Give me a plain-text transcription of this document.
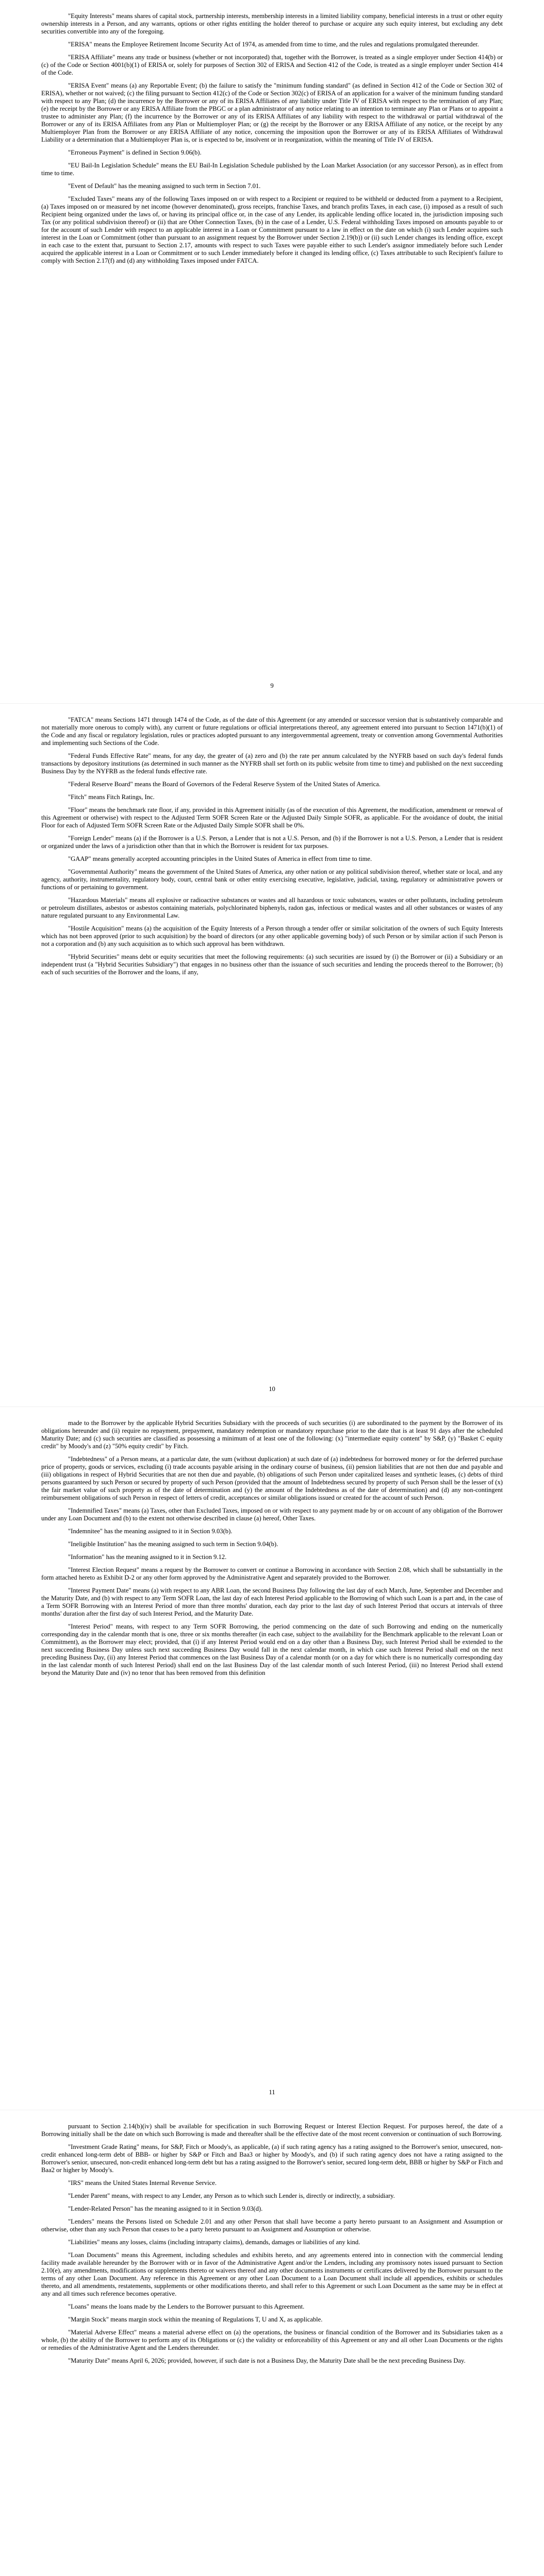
"Equity Interests" means shares of capital stock, partnership interests, membership interests in a limited liability company, beneficial interests in a trust or other equity ownership interests in a Person, and any warrants, options or other rights entitling the holder thereof to purchase or acquire any such equity interest, but excluding any debt securities convertible into any of the foregoing.

"ERISA" means the Employee Retirement Income Security Act of 1974, as amended from time to time, and the rules and regulations promulgated thereunder.

"ERISA Affiliate" means any trade or business (whether or not incorporated) that, together with the Borrower, is treated as a single employer under Section 414(b) or (c) of the Code or Section 4001(b)(1) of ERISA or, solely for purposes of Section 302 of ERISA and Section 412 of the Code, is treated as a single employer under Section 414 of the Code.

"ERISA Event" means (a) any Reportable Event; (b) the failure to satisfy the "minimum funding standard" (as defined in Section 412 of the Code or Section 302 of ERISA), whether or not waived; (c) the filing pursuant to Section 412(c) of the Code or Section 302(c) of ERISA of an application for a waiver of the minimum funding standard with respect to any Plan; (d) the incurrence by the Borrower or any of its ERISA Affiliates of any liability under Title IV of ERISA with respect to the termination of any Plan; (e) the receipt by the Borrower or any ERISA Affiliate from the PBGC or a plan administrator of any notice relating to an intention to terminate any Plan or Plans or to appoint a trustee to administer any Plan; (f) the incurrence by the Borrower or any of its ERISA Affiliates of any liability with respect to the withdrawal or partial withdrawal of the Borrower or any of its ERISA Affiliates from any Plan or Multiemployer Plan; or (g) the receipt by the Borrower or any ERISA Affiliate of any notice, or the receipt by any Multiemployer Plan from the Borrower or any ERISA Affiliate of any notice, concerning the imposition upon the Borrower or any of its ERISA Affiliates of Withdrawal Liability or a determination that a Multiemployer Plan is, or is expected to be, insolvent or in reorganization, within the meaning of Title IV of ERISA.

"Erroneous Payment" is defined in Section 9.06(b).

"EU Bail-In Legislation Schedule" means the EU Bail-In Legislation Schedule published by the Loan Market Association (or any successor Person), as in effect from time to time.

"Event of Default" has the meaning assigned to such term in Section 7.01.

"Excluded Taxes" means any of the following Taxes imposed on or with respect to a Recipient or required to be withheld or deducted from a payment to a Recipient, (a) Taxes imposed on or measured by net income (however denominated), gross receipts, franchise Taxes, and branch profits Taxes, in each case, (i) imposed as a result of such Recipient being organized under the laws of, or having its principal office or, in the case of any Lender, its applicable lending office located in, the jurisdiction imposing such Tax (or any political subdivision thereof) or (ii) that are Other Connection Taxes, (b) in the case of a Lender, U.S. Federal withholding Taxes imposed on amounts payable to or for the account of such Lender with respect to an applicable interest in a Loan or Commitment pursuant to a law in effect on the date on which (i) such Lender acquires such interest in the Loan or Commitment (other than pursuant to an assignment request by the Borrower under Section 2.19(b)) or (ii) such Lender changes its lending office, except in each case to the extent that, pursuant to Section 2.17, amounts with respect to such Taxes were payable either to such Lender's assignor immediately before such Lender acquired the applicable interest in a Loan or Commitment or to such Lender immediately before it changed its lending office, (c) Taxes attributable to such Recipient's failure to comply with Section 2.17(f) and (d) any withholding Taxes imposed under FATCA.

9

"FATCA" means Sections 1471 through 1474 of the Code, as of the date of this Agreement (or any amended or successor version that is substantively comparable and not materially more onerous to comply with), any current or future regulations or official interpretations thereof, any agreement entered into pursuant to Section 1471(b)(1) of the Code and any fiscal or regulatory legislation, rules or practices adopted pursuant to any intergovernmental agreement, treaty or convention among Governmental Authorities and implementing such Sections of the Code.

"Federal Funds Effective Rate" means, for any day, the greater of (a) zero and (b) the rate per annum calculated by the NYFRB based on such day's federal funds transactions by depository institutions (as determined in such manner as the NYFRB shall set forth on its public website from time to time) and published on the next succeeding Business Day by the NYFRB as the federal funds effective rate.

"Federal Reserve Board" means the Board of Governors of the Federal Reserve System of the United States of America.

"Fitch" means Fitch Ratings, Inc.

"Floor" means the benchmark rate floor, if any, provided in this Agreement initially (as of the execution of this Agreement, the modification, amendment or renewal of this Agreement or otherwise) with respect to the Adjusted Term SOFR Screen Rate or the Adjusted Daily Simple SOFR, as applicable. For the avoidance of doubt, the initial Floor for each of Adjusted Term SOFR Screen Rate or the Adjusted Daily Simple SOFR shall be 0%.

"Foreign Lender" means (a) if the Borrower is a U.S. Person, a Lender that is not a U.S. Person, and (b) if the Borrower is not a U.S. Person, a Lender that is resident or organized under the laws of a jurisdiction other than that in which the Borrower is resident for tax purposes.

"GAAP" means generally accepted accounting principles in the United States of America in effect from time to time.

"Governmental Authority" means the government of the United States of America, any other nation or any political subdivision thereof, whether state or local, and any agency, authority, instrumentality, regulatory body, court, central bank or other entity exercising executive, legislative, judicial, taxing, regulatory or administrative powers or functions of or pertaining to government.

"Hazardous Materials" means all explosive or radioactive substances or wastes and all hazardous or toxic substances, wastes or other pollutants, including petroleum or petroleum distillates, asbestos or asbestos containing materials, polychlorinated biphenyls, radon gas, infectious or medical wastes and all other substances or wastes of any nature regulated pursuant to any Environmental Law.

"Hostile Acquisition" means (a) the acquisition of the Equity Interests of a Person through a tender offer or similar solicitation of the owners of such Equity Interests which has not been approved (prior to such acquisition) by the board of directors (or any other applicable governing body) of such Person or by similar action if such Person is not a corporation and (b) any such acquisition as to which such approval has been withdrawn.

"Hybrid Securities" means debt or equity securities that meet the following requirements: (a) such securities are issued by (i) the Borrower or (ii) a Subsidiary or an independent trust (a "Hybrid Securities Subsidiary") that engages in no business other than the issuance of such securities and lending the proceeds thereof to the Borrower; (b) each of such securities of the Borrower and the loans, if any,

10

made to the Borrower by the applicable Hybrid Securities Subsidiary with the proceeds of such securities (i) are subordinated to the payment by the Borrower of its obligations hereunder and (ii) require no repayment, prepayment, mandatory redemption or mandatory repurchase prior to the date that is at least 91 days after the scheduled Maturity Date; and (c) such securities are classified as possessing a minimum of at least one of the following: (x) "intermediate equity content" by S&P, (y) "Basket C equity credit" by Moody's and (z) "50% equity credit" by Fitch.

"Indebtedness" of a Person means, at a particular date, the sum (without duplication) at such date of (a) indebtedness for borrowed money or for the deferred purchase price of property, goods or services, excluding (i) trade accounts payable arising in the ordinary course of business, (ii) pension liabilities that are not then due and payable and (iii) obligations in respect of Hybrid Securities that are not then due and payable, (b) obligations of such Person under capitalized leases and synthetic leases, (c) debts of third persons guaranteed by such Person or secured by property of such Person (provided that the amount of Indebtedness secured by property of such Person shall be the lesser of (x) the fair market value of such property as of the date of determination and (y) the amount of the Indebtedness as of the date of determination) and (d) any non-contingent reimbursement obligations of such Person in respect of letters of credit, acceptances or similar obligations issued or created for the account of such Person.

"Indemnified Taxes" means (a) Taxes, other than Excluded Taxes, imposed on or with respect to any payment made by or on account of any obligation of the Borrower under any Loan Document and (b) to the extent not otherwise described in clause (a) hereof, Other Taxes.

"Indemnitee" has the meaning assigned to it in Section 9.03(b).

"Ineligible Institution" has the meaning assigned to such term in Section 9.04(b).

"Information" has the meaning assigned to it in Section 9.12.

"Interest Election Request" means a request by the Borrower to convert or continue a Borrowing in accordance with Section 2.08, which shall be substantially in the form attached hereto as Exhibit D-2 or any other form approved by the Administrative Agent and separately provided to the Borrower.

"Interest Payment Date" means (a) with respect to any ABR Loan, the second Business Day following the last day of each March, June, September and December and the Maturity Date, and (b) with respect to any Term SOFR Loan, the last day of each Interest Period applicable to the Borrowing of which such Loan is a part and, in the case of a Term SOFR Borrowing with an Interest Period of more than three months' duration, each day prior to the last day of such Interest Period that occurs at intervals of three months' duration after the first day of such Interest Period, and the Maturity Date.

"Interest Period" means, with respect to any Term SOFR Borrowing, the period commencing on the date of such Borrowing and ending on the numerically corresponding day in the calendar month that is one, three or six months thereafter (in each case, subject to the availability for the Benchmark applicable to the relevant Loan or Commitment), as the Borrower may elect; provided, that (i) if any Interest Period would end on a day other than a Business Day, such Interest Period shall be extended to the next succeeding Business Day unless such next succeeding Business Day would fall in the next calendar month, in which case such Interest Period shall end on the next preceding Business Day, (ii) any Interest Period that commences on the last Business Day of a calendar month (or on a day for which there is no numerically corresponding day in the last calendar month of such Interest Period) shall end on the last Business Day of the last calendar month of such Interest Period, (iii) no Interest Period shall extend beyond the Maturity Date and (iv) no tenor that has been removed from this definition

11

pursuant to Section 2.14(b)(iv) shall be available for specification in such Borrowing Request or Interest Election Request. For purposes hereof, the date of a Borrowing initially shall be the date on which such Borrowing is made and thereafter shall be the effective date of the most recent conversion or continuation of such Borrowing.

"Investment Grade Rating" means, for S&P, Fitch or Moody's, as applicable, (a) if such rating agency has a rating assigned to the Borrower's senior, unsecured, non-credit enhanced long-term debt of BBB- or higher by S&P or Fitch and Baa3 or higher by Moody's, and (b) if such rating agency does not have a rating assigned to the Borrower's senior, unsecured, non-credit enhanced long-term debt but has a rating assigned to the Borrower's senior, secured long-term debt, BBB or higher by S&P or Fitch and Baa2 or higher by Moody's.

"IRS" means the United States Internal Revenue Service.

"Lender Parent" means, with respect to any Lender, any Person as to which such Lender is, directly or indirectly, a subsidiary.

"Lender-Related Person" has the meaning assigned to it in Section 9.03(d).

"Lenders" means the Persons listed on Schedule 2.01 and any other Person that shall have become a party hereto pursuant to an Assignment and Assumption or otherwise, other than any such Person that ceases to be a party hereto pursuant to an Assignment and Assumption or otherwise.

"Liabilities" means any losses, claims (including intraparty claims), demands, damages or liabilities of any kind.

"Loan Documents" means this Agreement, including schedules and exhibits hereto, and any agreements entered into in connection with the commercial lending facility made available hereunder by the Borrower with or in favor of the Administrative Agent and/or the Lenders, including any promissory notes issued pursuant to Section 2.10(e), any amendments, modifications or supplements thereto or waivers thereof and any other documents instruments or certificates delivered by the Borrower pursuant to the terms of any other Loan Document. Any reference in this Agreement or any other Loan Document to a Loan Document shall include all appendices, exhibits or schedules thereto, and all amendments, restatements, supplements or other modifications thereto, and shall refer to this Agreement or such Loan Document as the same may be in effect at any and all times such reference becomes operative.

"Loans" means the loans made by the Lenders to the Borrower pursuant to this Agreement.

"Margin Stock" means margin stock within the meaning of Regulations T, U and X, as applicable.

"Material Adverse Effect" means a material adverse effect on (a) the operations, the business or financial condition of the Borrower and its Subsidiaries taken as a whole, (b) the ability of the Borrower to perform any of its Obligations or (c) the validity or enforceability of this Agreement or any and all other Loan Documents or the rights or remedies of the Administrative Agent and the Lenders thereunder.

"Maturity Date" means April 6, 2026; provided, however, if such date is not a Business Day, the Maturity Date shall be the next preceding Business Day.
